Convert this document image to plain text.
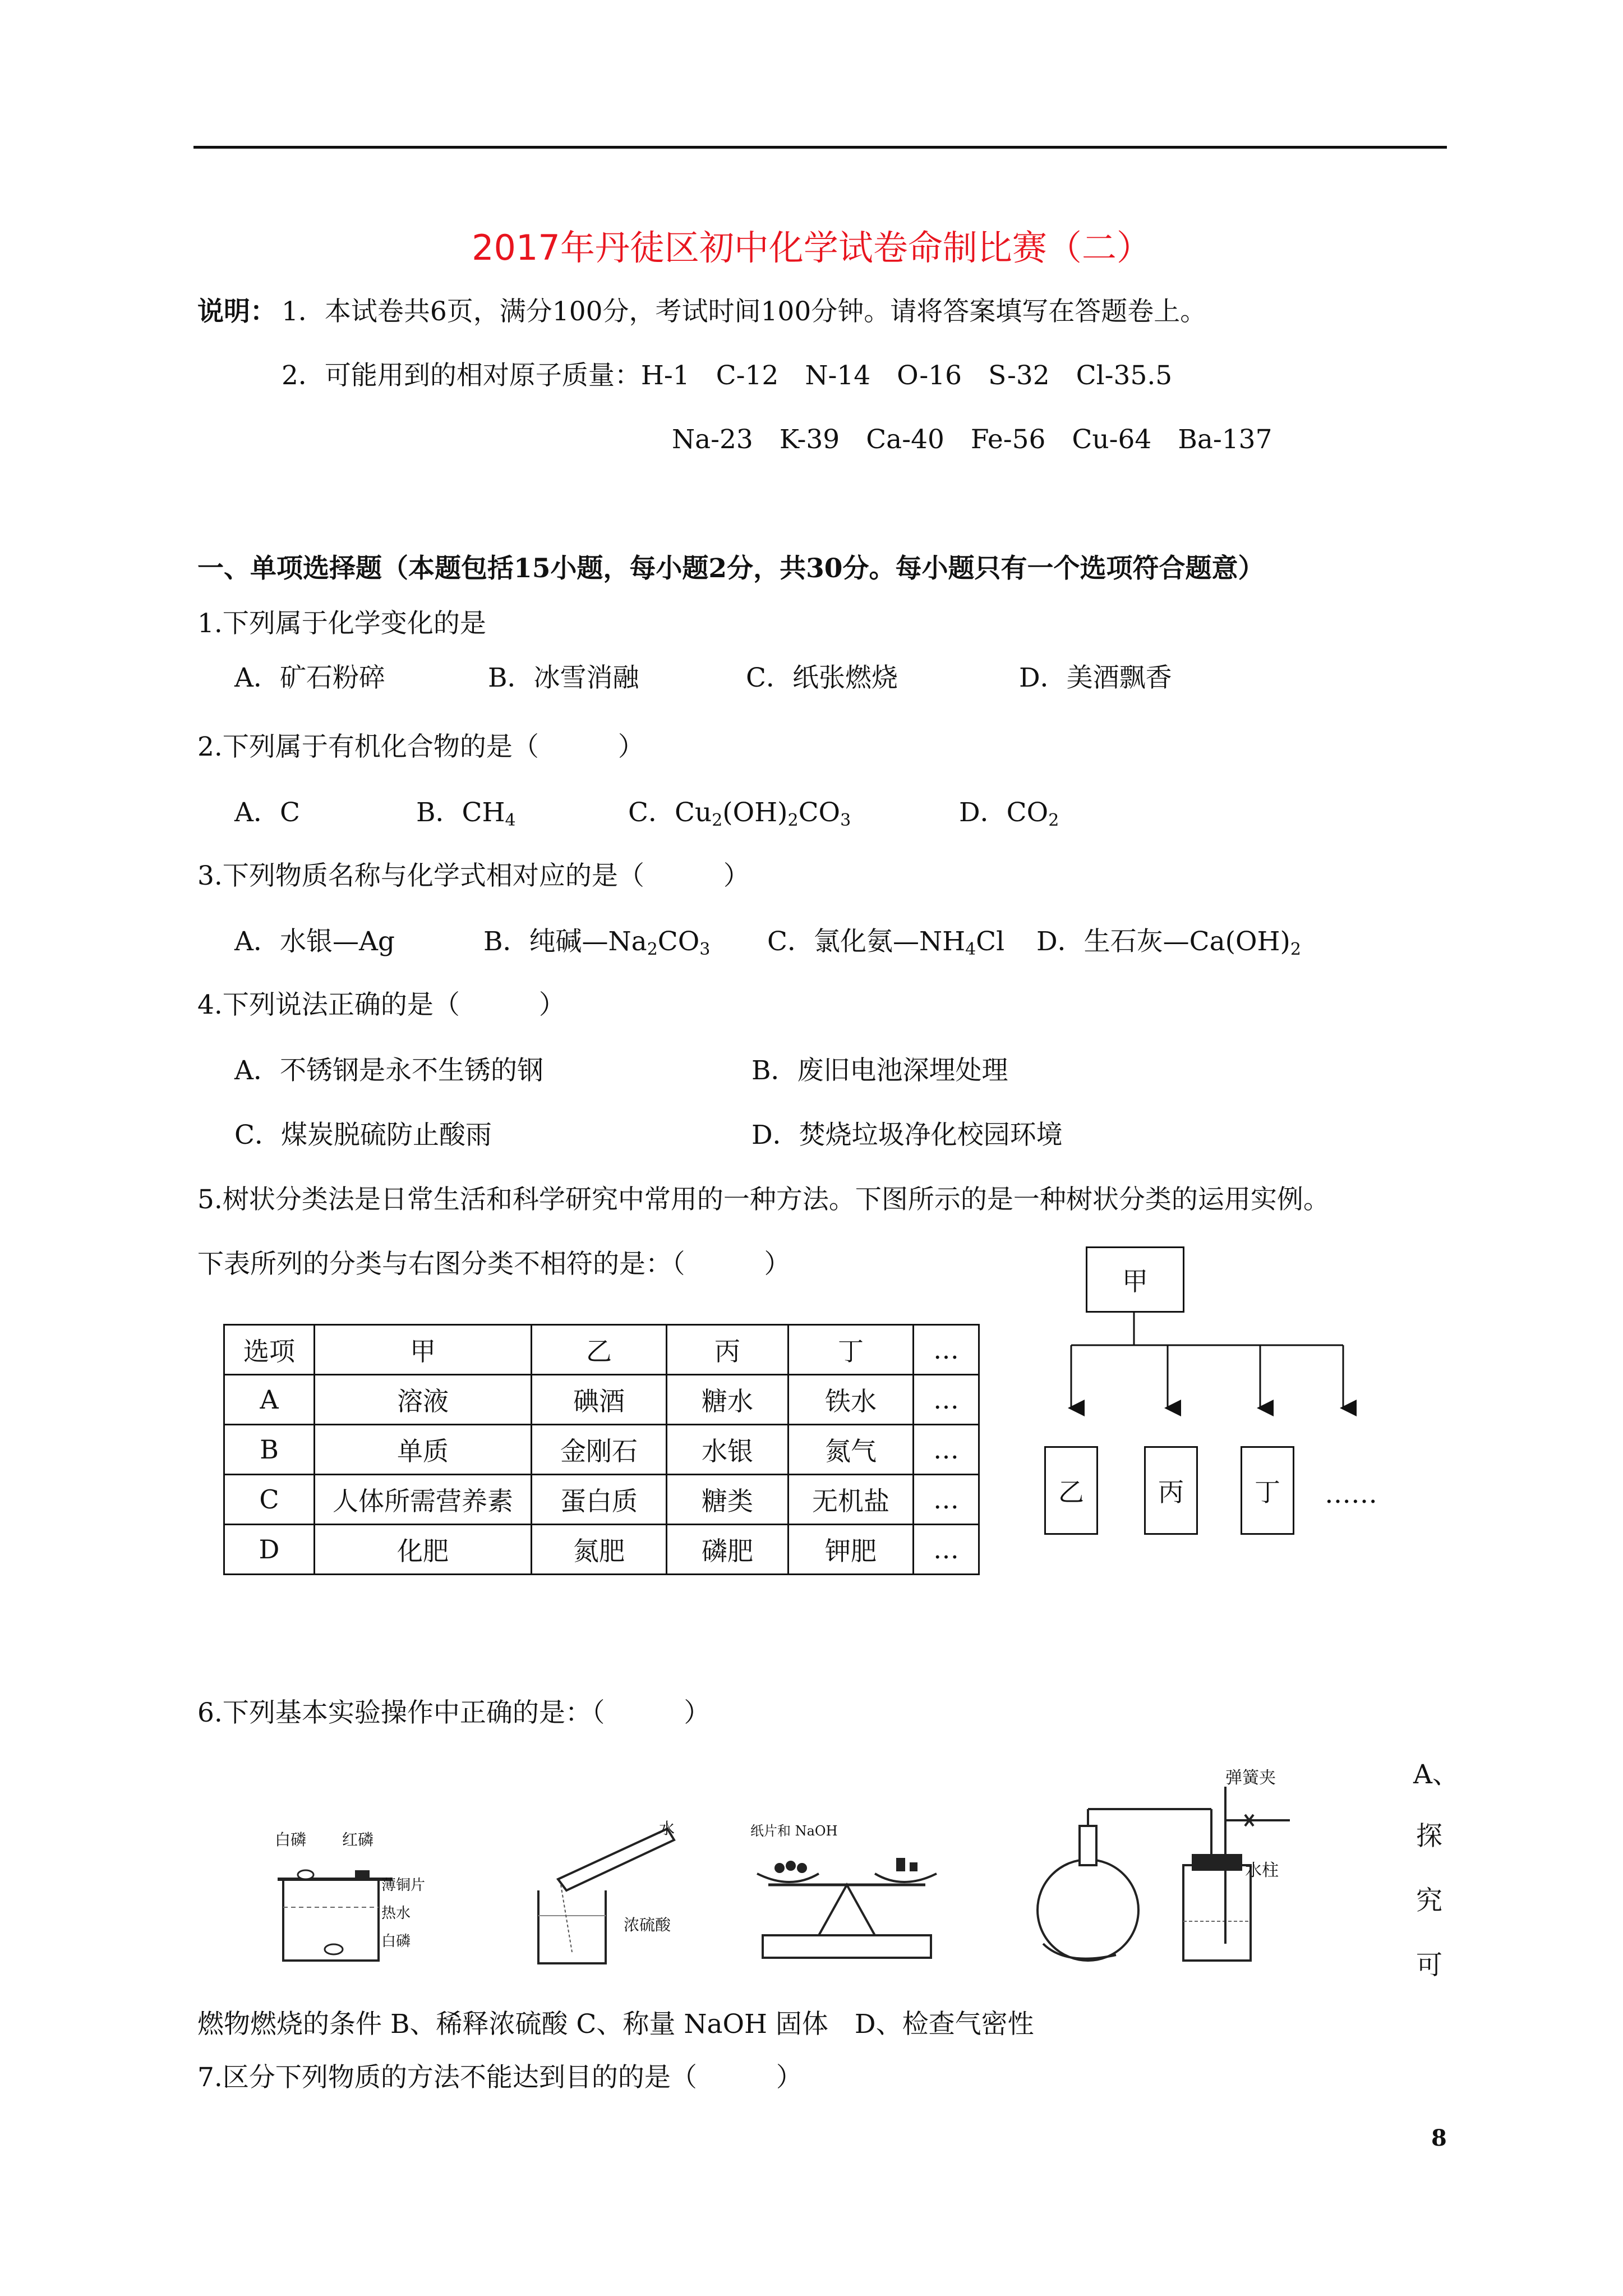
2017年丹徒区初中化学试卷命制比赛（二）
说明： 1．本试卷共6页，满分100分，考试时间100分钟。请将答案填写在答题卷上。
2．可能用到的相对原子质量：H-1　C-12　N-14　O-16　S-32　Cl-35.5
Na-23　K-39　Ca-40　Fe-56　Cu-64　Ba-137
一、单项选择题（本题包括15小题，每小题2分，共30分。每小题只有一个选项符合题意）
1.下列属于化学变化的是
A．矿石粉碎	B．冰雪消融	C．纸张燃烧	D．美酒飘香
2.下列属于有机化合物的是（　　　）
A．C	B．$CH_4$	C．$Cu_2(OH)_2CO_3$	D．$CO_2$
3.下列物质名称与化学式相对应的是（　　　）
A．水银—Ag	B．纯碱$—Na_2CO_3$ C．氯化氨$—NH_4Cl$ D．生石灰$—Ca(OH)_2$
4.下列说法正确的是（　　　）
A．不锈钢是永不生锈的钢	B．废旧电池深埋处理
C．煤炭脱硫防止酸雨	D．焚烧垃圾净化校园环境
5.树状分类法是日常生活和科学研究中常用的一种方法。下图所示的是一种树状分类的运用实例。
下表所列的分类与右图分类不相符的是：（　　　）
选项	甲	乙	丙	丁	…
A	溶液	碘酒	糖水	铁水	…
B	单质	金刚石	水银	氮气	…
C	人体所需营养素	蛋白质	糖类	无机盐	…
D	化肥	氮肥	磷肥	钾肥	…
甲
乙	丙	丁	……
6.下列基本实验操作中正确的是：（　　　）
A、
探
究
可
白磷 红磷
薄铜片
热水
白磷
水
浓硫酸
纸片和 NaOH
弹簧夹
水柱
燃物燃烧的条件 B、稀释浓硫酸 C、称量 NaOH 固体　D、检查气密性
7.区分下列物质的方法不能达到目的的是（　　　）
8
